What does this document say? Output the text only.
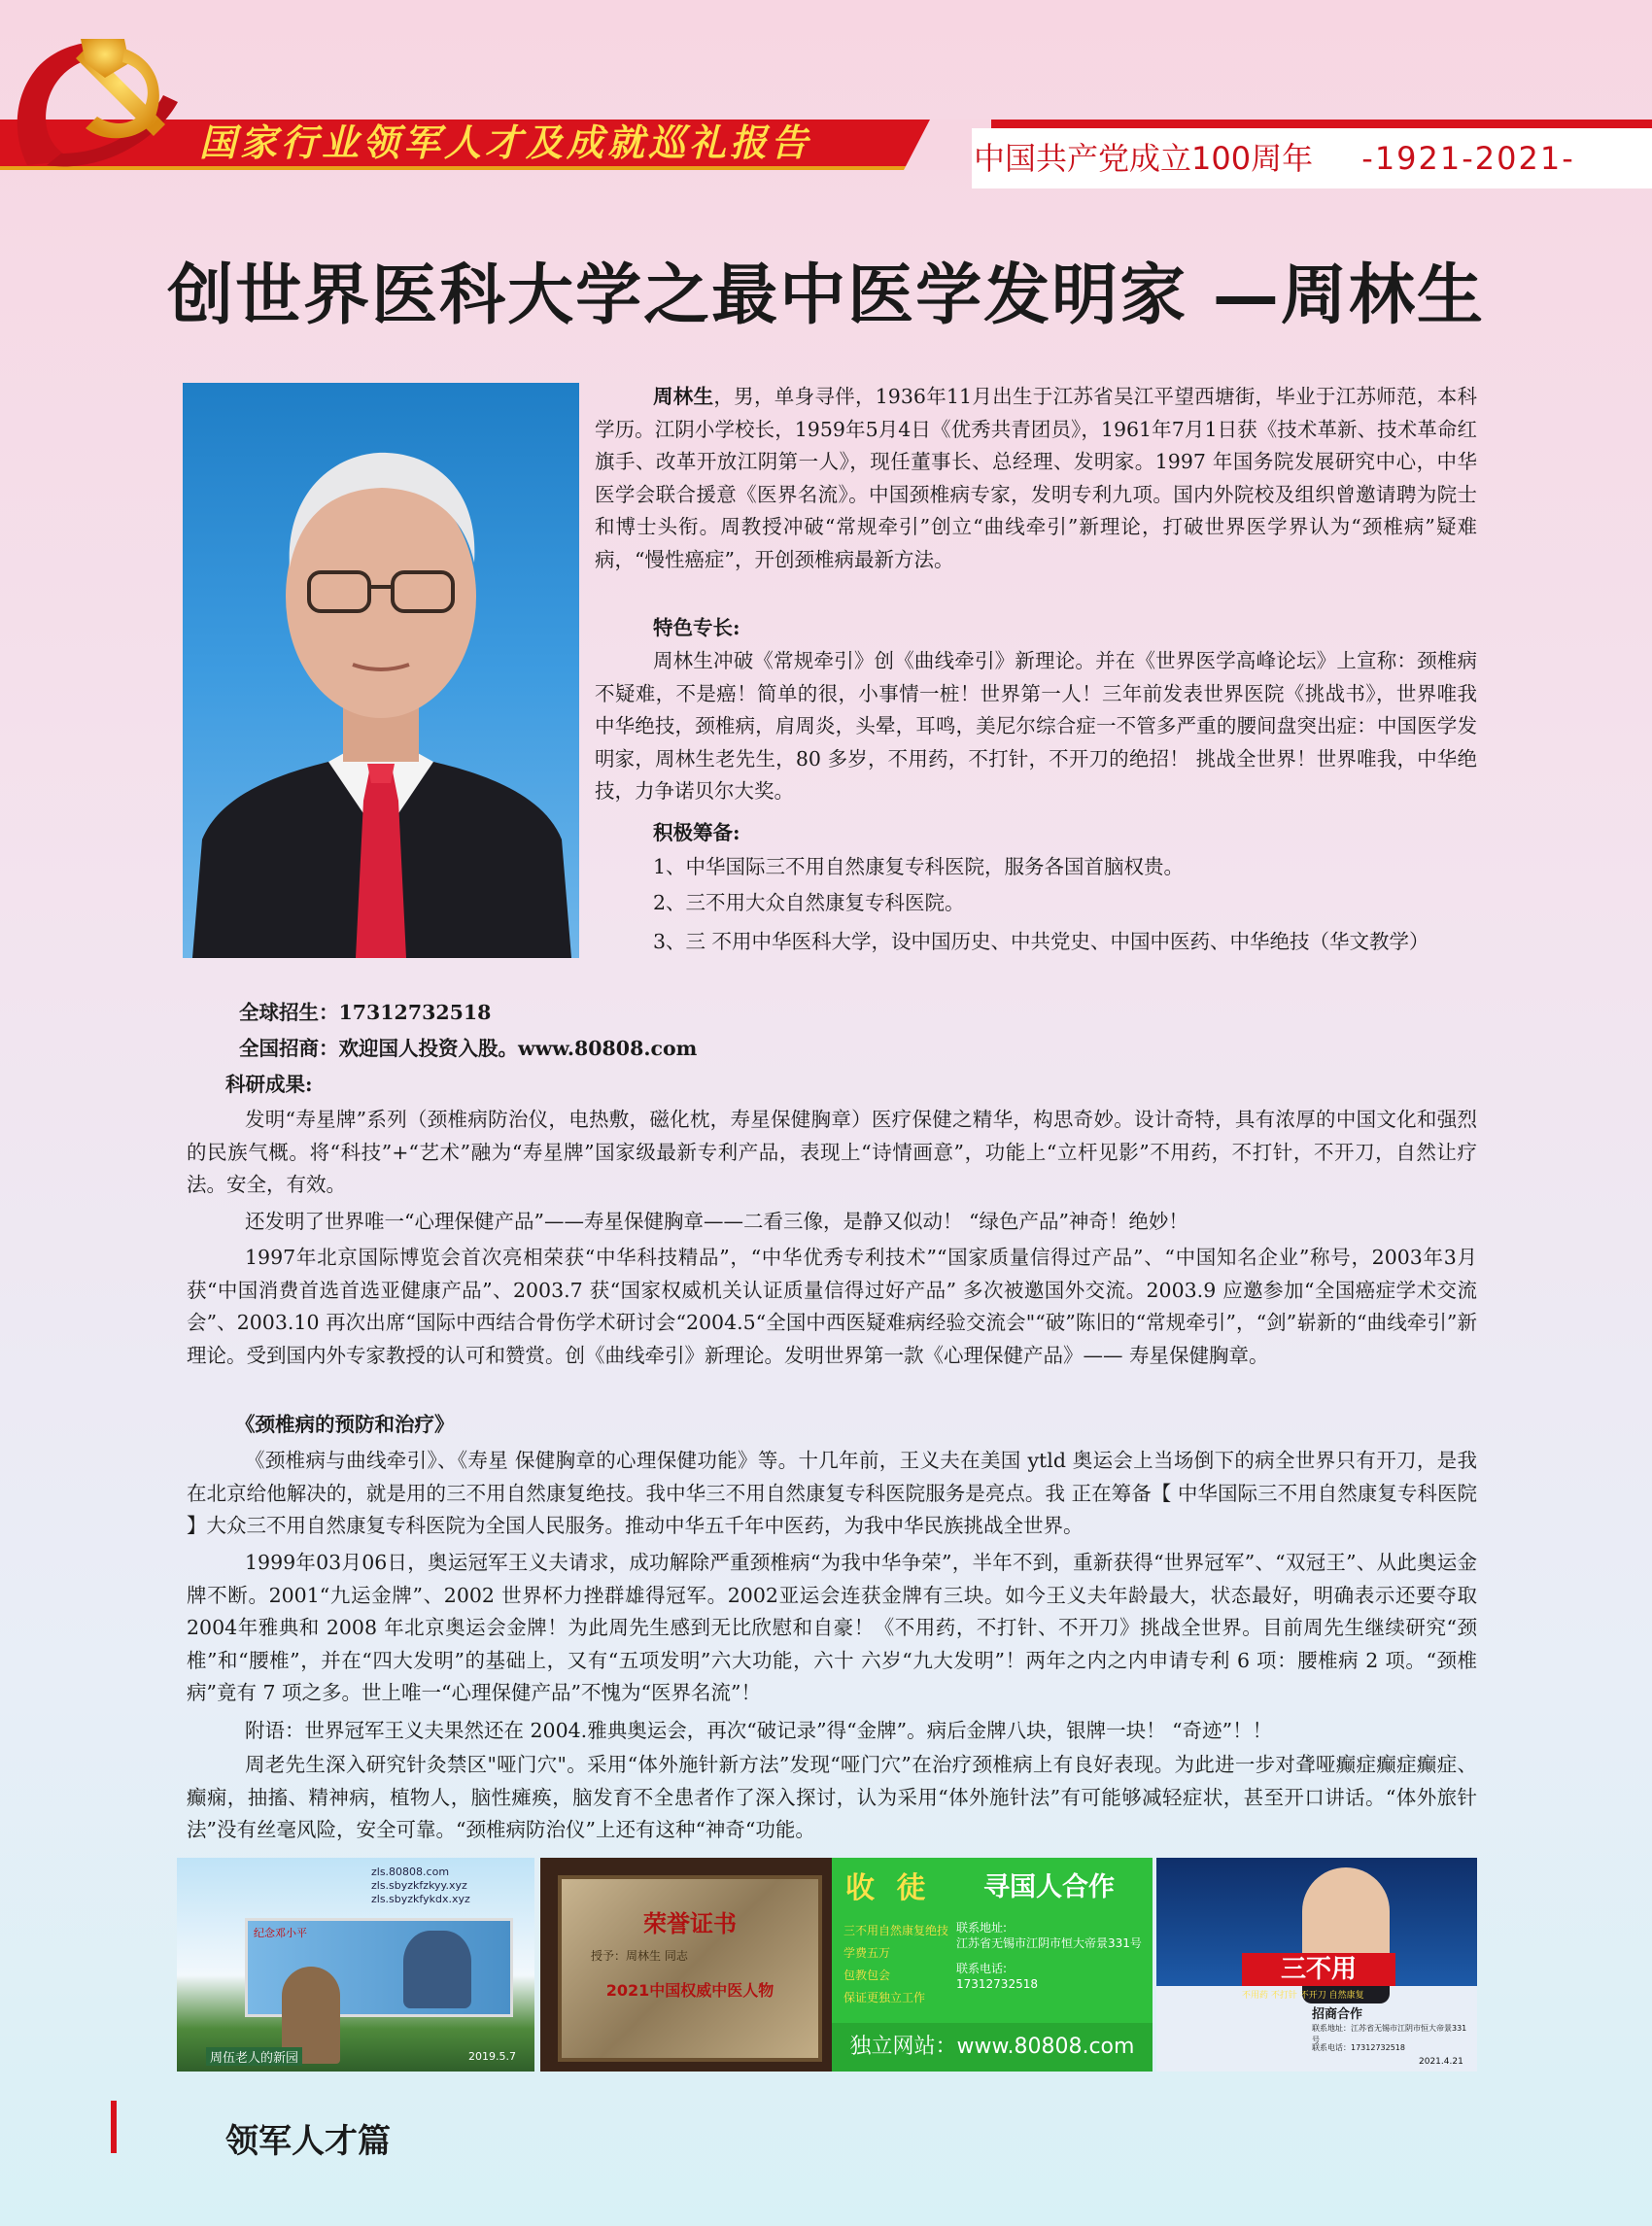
国家行业领军人才及成就巡礼报告	中国共产党成立100周年 -1921-2021-
创世界医科大学之最中医学发明家 —周林生

周林生，男，单身寻伴，1936年11月出生于江苏省吴江平望西塘街，毕业于江苏师范，本科学历。江阴小学校长，1959年5月4日《优秀共青团员》，1961年7月1日获《技术革新、技术革命红旗手、改革开放江阴第一人》，现任董事长、总经理、发明家。1997 年国务院发展研究中心，中华医学会联合援意《医界名流》。中国颈椎病专家，发明专利九项。国内外院校及组织曾邀请聘为院士和博士头衔。周教授冲破“常规牵引”创立“曲线牵引”新理论，打破世界医学界认为“颈椎病”疑难病，“慢性癌症”，开创颈椎病最新方法。

特色专长:

周林生冲破《常规牵引》创《曲线牵引》新理论。并在《世界医学高峰论坛》上宣称：颈椎病不疑难，不是癌！简单的很，小事情一桩！世界第一人！三年前发表世界医院《挑战书》，世界唯我中华绝技，颈椎病，肩周炎，头晕，耳鸣，美尼尔综合症一不管多严重的腰间盘突出症：中国医学发明家，周林生老先生，80 多岁，不用药，不打针，不开刀的绝招！ 挑战全世界！世界唯我，中华绝技，力争诺贝尔大奖。

积极筹备:

1、中华国际三不用自然康复专科医院，服务各国首脑权贵。

2、三不用大众自然康复专科医院。

3、三 不用中华医科大学，设中国历史、中共党史、中国中医药、中华绝技（华文教学）

全球招生：17312732518

全国招商：欢迎国人投资入股。www.80808.com

科研成果:

发明“寿星牌”系列（颈椎病防治仪，电热敷，磁化枕，寿星保健胸章）医疗保健之精华，构思奇妙。设计奇特，具有浓厚的中国文化和强烈的民族气概。将“科技”+“艺术”融为“寿星牌”国家级最新专利产品，表现上“诗情画意”，功能上“立杆见影”不用药，不打针，不开刀，自然让疗法。安全，有效。

还发明了世界唯一“心理保健产品”——寿星保健胸章——二看三像，是静又似动！ “绿色产品”神奇！绝妙！

1997年北京国际博览会首次亮相荣获“中华科技精品”，“中华优秀专利技术”“国家质量信得过产品”、“中国知名企业”称号，2003年3月 获“中国消费首选首选亚健康产品”、2003.7 获“国家权威机关认证质量信得过好产品” 多次被邀国外交流。2003.9 应邀参加“全国癌症学术交流会”、2003.10 再次出席“国际中西结合骨伤学术研讨会“2004.5“全国中西医疑难病经验交流会"“破”陈旧的“常规牵引”，“剑”崭新的“曲线牵引”新理论。受到国内外专家教授的认可和赞赏。创《曲线牵引》新理论。发明世界第一款《心理保健产品》—— 寿星保健胸章。

《颈椎病的预防和治疗》

《颈椎病与曲线牵引》、《寿星 保健胸章的心理保健功能》等。十几年前，王义夫在美国 ytld 奥运会上当场倒下的病全世界只有开刀，是我在北京给他解决的，就是用的三不用自然康复绝技。我中华三不用自然康复专科医院服务是亮点。我 正在筹备【 中华国际三不用自然康复专科医院 】大众三不用自然康复专科医院为全国人民服务。推动中华五千年中医药，为我中华民族挑战全世界。

1999年03月06日，奥运冠军王义夫请求，成功解除严重颈椎病“为我中华争荣”，半年不到，重新获得“世界冠军”、“双冠王”、从此奥运金牌不断。2001“九运金牌”、2002 世界杯力挫群雄得冠军。2002亚运会连获金牌有三块。如今王义夫年龄最大，状态最好，明确表示还要夺取2004年雅典和 2008 年北京奥运会金牌！为此周先生感到无比欣慰和自豪！《不用药，不打针、不开刀》挑战全世界。目前周先生继续研究“颈椎”和“腰椎”，并在“四大发明”的基础上，又有“五项发明”六大功能，六十 六岁“九大发明”！两年之内之内申请专利 6 项：腰椎病 2 项。“颈椎病”竟有 7 项之多。世上唯一“心理保健产品”不愧为“医界名流”！

附语：世界冠军王义夫果然还在 2004.雅典奥运会，再次“破记录”得“金牌”。病后金牌八块，银牌一块！ “奇迹”！！

周老先生深入研究针灸禁区"哑门穴"。采用“体外施针新方法”发现“哑门穴”在治疗颈椎病上有良好表现。为此进一步对聋哑癫症癫症癫症、癫痫，抽搐、精神病，植物人，脑性瘫痪，脑发育不全患者作了深入探讨，认为采用“体外施针法”有可能够减轻症状，甚至开口讲话。“体外旅针法”没有丝毫风险，安全可靠。“颈椎病防治仪”上还有这种“神奇“功能。

zls.80808.com
zls.sbyzkfzkyy.xyz
zls.sbyzkfykdx.xyz
纪念邓小平
周伍老人的新园	2019.5.7
荣誉证书
授予：周林生 同志
2021中国权威中医人物
收 徒 寻国人合作
三不用自然康复绝技
学费五万
包教包会
保证更独立工作
联系地址:
江苏省无锡市江阴市恒大帝景331号
联系电话:
17312732518
独立网站：www.80808.com
三不用
不用药 不打针 不开刀 自然康复
招商合作
联系地址：江苏省无锡市江阴市恒大帝景331号
联系电话：17312732518
2021.4.21
领军人才篇
